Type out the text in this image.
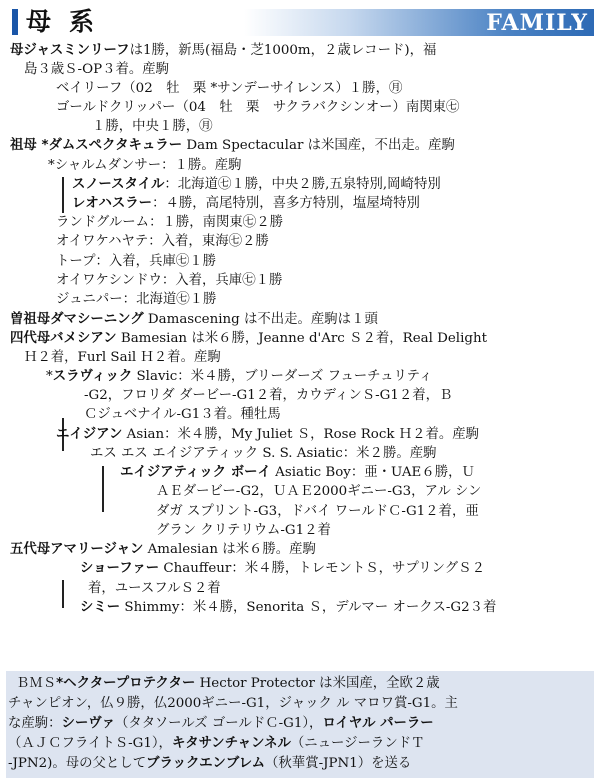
母系	FAMILY
母ジャスミンリーフは1勝，新馬(福島・芝1000m，２歳レコード)，福
島３歳Ｓ-OP３着。産駒
ベイリーフ（02　牡　栗 *サンデーサイレンス）１勝，㊊
ゴールドクリッパー（04　牡　栗　サクラバクシンオー）南関東㊆
１勝，中央１勝，㊊
祖母 *ダムスペクタキュラー Dam Spectacular は米国産，不出走。産駒
*シャルムダンサー：１勝。産駒
スノースタイル：北海道㊆１勝，中央２勝,五泉特別,岡崎特別
レオハスラー：４勝，高尾特別，喜多方特別，塩屋埼特別
ランドグルーム：１勝，南関東㊆２勝
オイワケハヤテ：入着，東海㊆２勝
トープ：入着，兵庫㊆１勝
オイワケシンドウ：入着，兵庫㊆１勝
ジュニパー：北海道㊆１勝
曽祖母ダマシーニング Damascening は不出走。産駒は１頭
四代母バメシアン Bamesian は米６勝，Jeanne d'Arc Ｓ２着，Real Delight
Ｈ２着，Furl Sail Ｈ２着。産駒
*スラヴィック Slavic：米４勝，ブリーダーズ フューチュリティ
-G2，フロリダ ダービー-G1２着，カウディンＳ-G1２着，Ｂ
Ｃジュベナイル-G1３着。種牡馬
エイジアン Asian：米４勝，My Juliet Ｓ，Rose Rock Ｈ２着。産駒
エス エス エイジアティック S. S. Asiatic：米２勝。産駒
エイジアティック ボーイ Asiatic Boy：亜・UAE６勝，Ｕ
ＡＥダービー-G2，ＵＡＥ2000ギニー-G3，アル シン
ダガ スプリント-G3，ドバイ ワールドＣ-G1２着，亜
グラン クリテリウム-G1２着
五代母アマリージャン Amalesian は米６勝。産駒
ショーファー Chauffeur：米４勝，トレモントＳ，サプリングＳ２
着，ユースフルＳ２着
シミー Shimmy：米４勝，Senorita Ｓ，デルマー オークス-G2３着
ＢＭＳ*ヘクタープロテクター Hector Protector は米国産，全欧２歳
チャンピオン，仏９勝，仏2000ギニー-G1，ジャック ル マロワ賞-G1。主
な産駒：シーヴァ（タタソールズ ゴールドＣ-G1），ロイヤル パーラー
（ＡＪＣフライトＳ-G1），キタサンチャンネル（ニュージーランドＴ
-JPN2)。母の父としてブラックエンブレム（秋華賞-JPN1）を送る
